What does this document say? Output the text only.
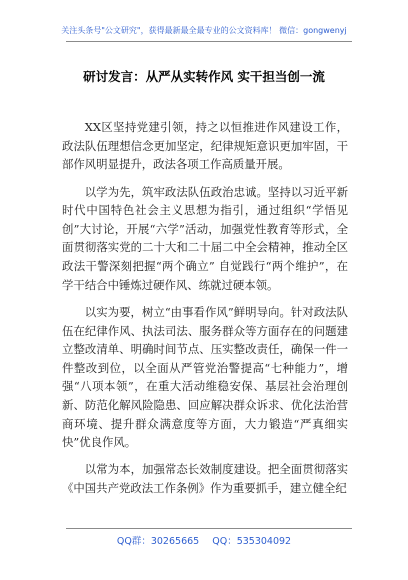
关注头条号"公文研究"，获得最新最全最专业的公文资料库！ 微信：gongwenyj
研讨发言：从严从实转作风 实干担当创一流

XX区坚持党建引领，持之以恒推进作风建设工作，政法队伍理想信念更加坚定，纪律规矩意识更加牢固，干部作风明显提升，政法各项工作高质量开展。

以学为先，筑牢政法队伍政治忠诚。坚持以习近平新时代中国特色社会主义思想为指引，通过组织“学悟见创”大讨论，开展“六学”活动，加强党性教育等形式，全面贯彻落实党的二十大和二十届二中全会精神，推动全区政法干警深刻把握“两个确立” 自觉践行“两个维护”，在学干结合中锤炼过硬作风、练就过硬本领。

以实为要，树立“由事看作风”鲜明导向。针对政法队伍在纪律作风、执法司法、服务群众等方面存在的问题建立整改清单、明确时间节点、压实整改责任，确保一件一件整改到位，以全面从严管党治警提高“七种能力”，增强“八项本领”，在重大活动维稳安保、基层社会治理创新、防范化解风险隐患、回应解决群众诉求、优化法治营商环境、提升群众满意度等方面，大力锻造“严真细实快”优良作风。

以常为本，加强常态长效制度建设。把全面贯彻落实《中国共产党政法工作条例》作为重要抓手，建立健全纪

QQ群：30265665 QQ：535304092
